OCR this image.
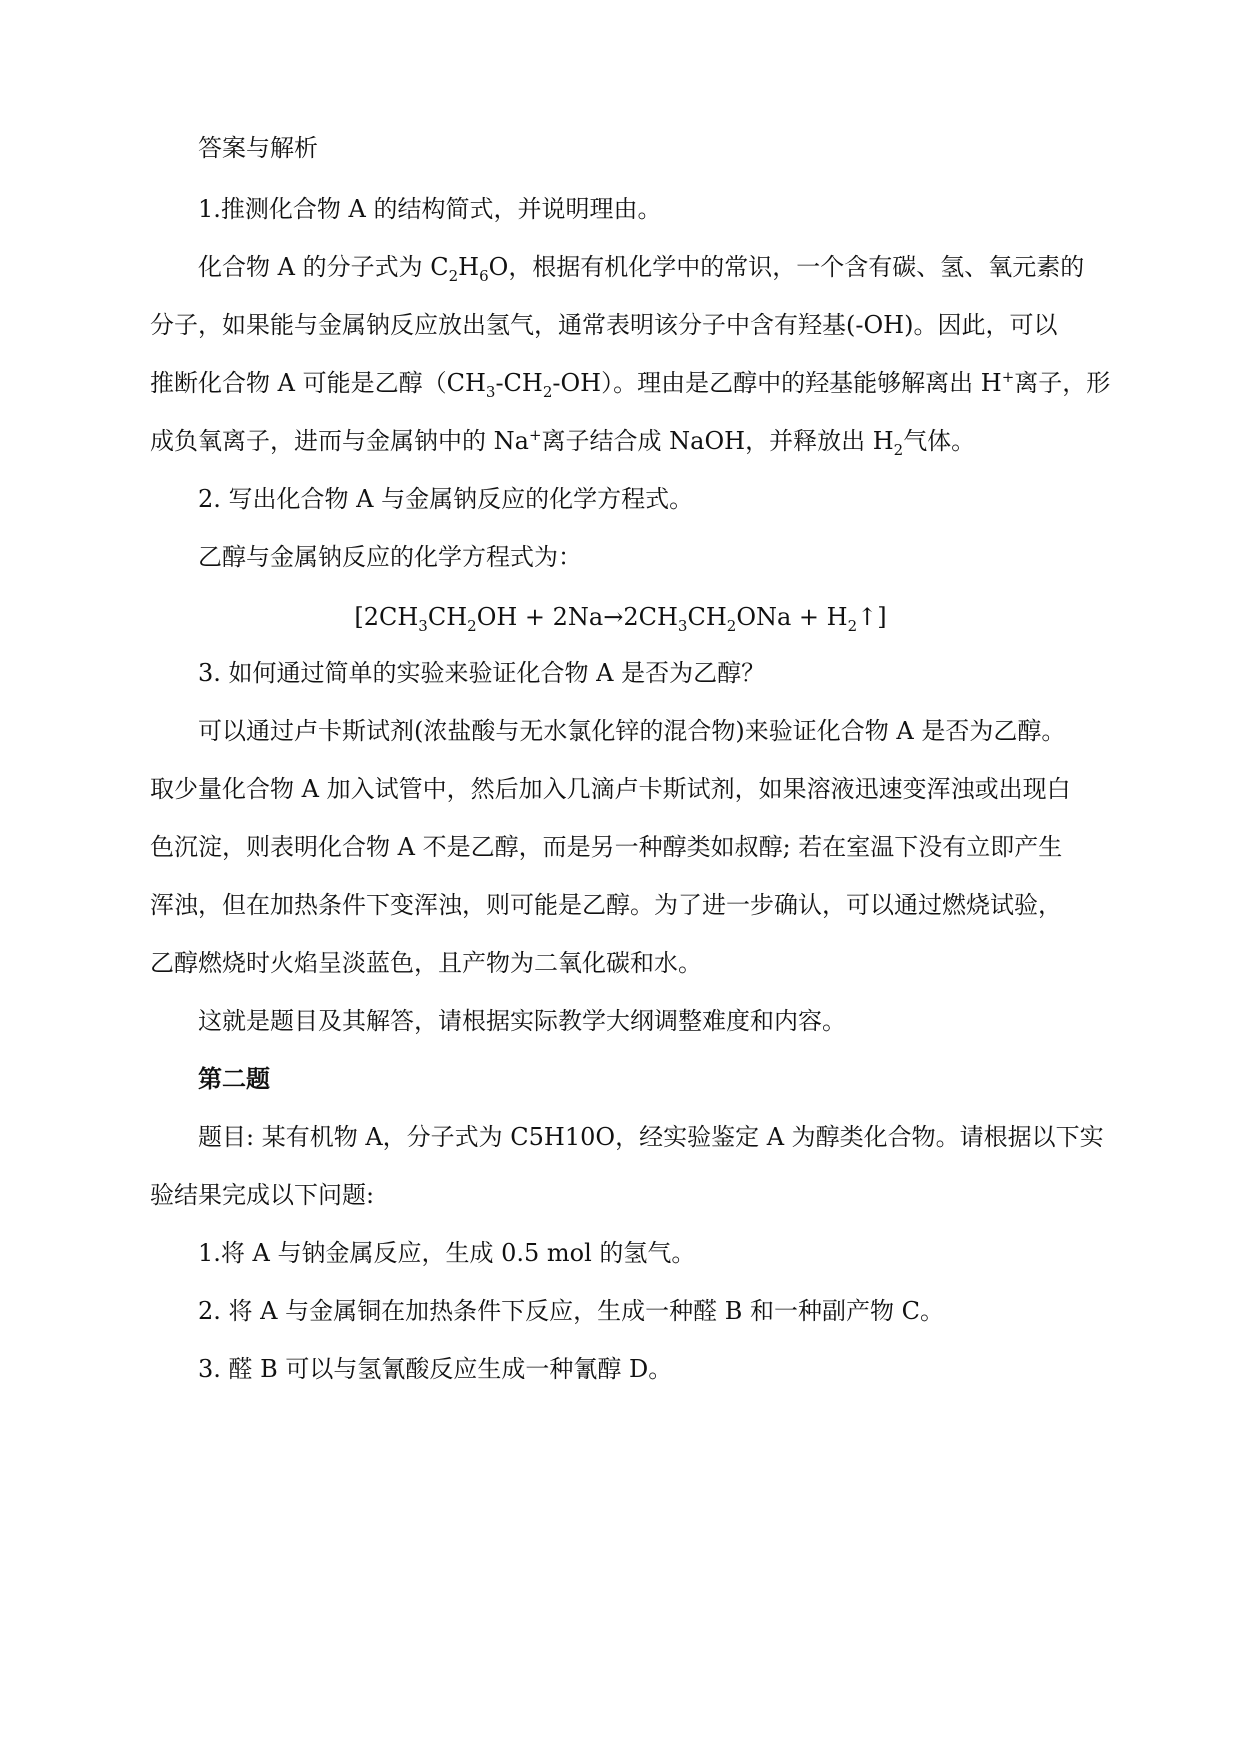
答案与解析
1.推测化合物 A 的结构简式，并说明理由。
化合物 A 的分子式为 $C_2H_6O$，根据有机化学中的常识，一个含有碳、氢、氧元素的
分子，如果能与金属钠反应放出氢气，通常表明该分子中含有羟基(-OH)。因此，可以
推断化合物 A 可能是乙醇$(CH_3-CH_2-OH)$。理由是乙醇中的羟基能够解离出 H+离子，形
成负氧离子，进而与金属钠中的 Na+离子结合成 NaOH，并释放出 $H_2$气体。
2. 写出化合物 A 与金属钠反应的化学方程式。
乙醇与金属钠反应的化学方程式为：
[$2CH_3CH_2OH + 2Na\to 2CH_3CH_2ONa$ + $H_2↑$]
3. 如何通过简单的实验来验证化合物 A 是否为乙醇？
可以通过卢卡斯试剂(浓盐酸与无水氯化锌的混合物)来验证化合物 A 是否为乙醇。
取少量化合物 A 加入试管中，然后加入几滴卢卡斯试剂，如果溶液迅速变浑浊或出现白
色沉淀，则表明化合物 A 不是乙醇，而是另一种醇类如叔醇; 若在室温下没有立即产生
浑浊，但在加热条件下变浑浊，则可能是乙醇。为了进一步确认，可以通过燃烧试验，
乙醇燃烧时火焰呈淡蓝色，且产物为二氧化碳和水。
这就是题目及其解答，请根据实际教学大纲调整难度和内容。
第二题
题目: 某有机物 A，分子式为 C5H10O，经实验鉴定 A 为醇类化合物。请根据以下实
验结果完成以下问题:
1.将 A 与钠金属反应，生成 0.5 mol 的氢气。
2. 将 A 与金属铜在加热条件下反应，生成一种醛 B 和一种副产物 C。
3. 醛 B 可以与氢氰酸反应生成一种氰醇 D。
